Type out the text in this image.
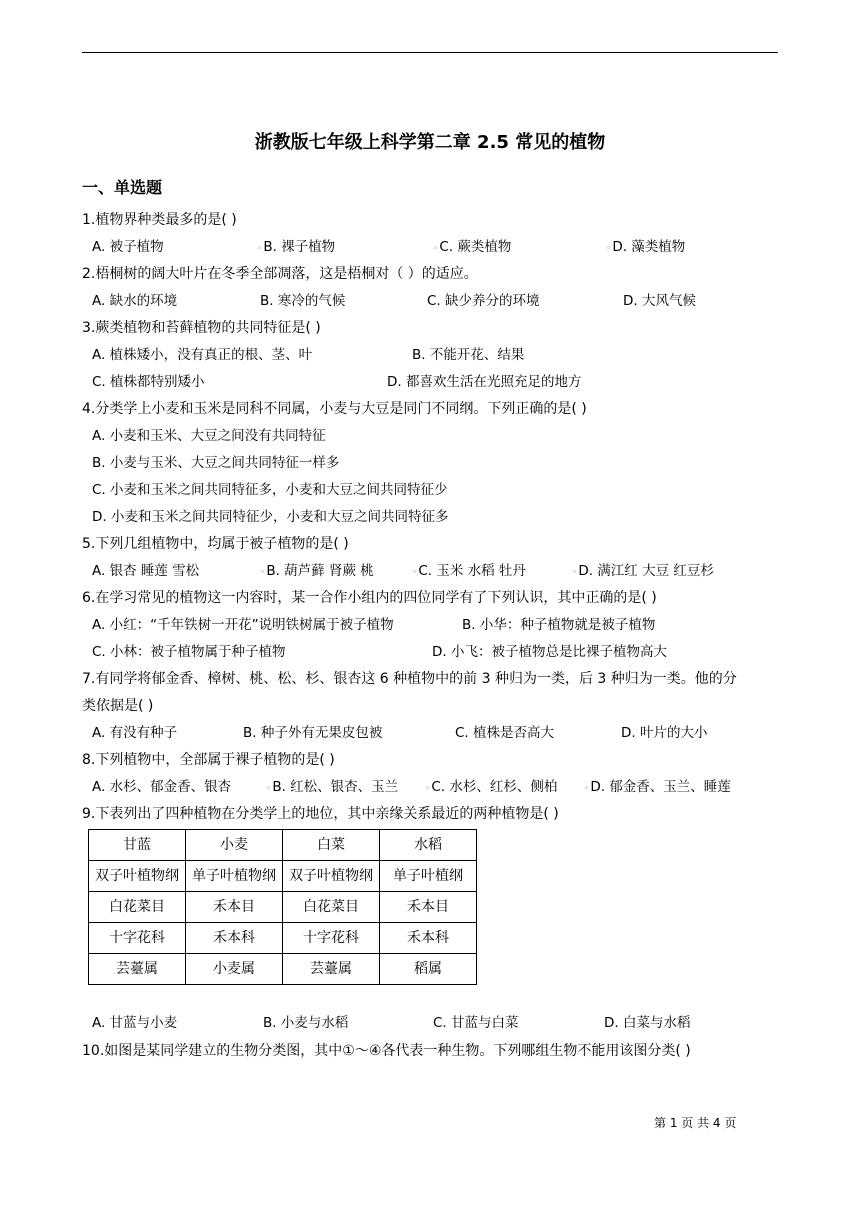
浙教版七年级上科学第二章 2.5 常见的植物
一、单选题
1.植物界种类最多的是( )
A. 被子植物	◦B. 裸子植物	◦C. 蕨类植物	◦D. 藻类植物
2.梧桐树的阔大叶片在冬季全部凋落，这是梧桐对（ ）的适应。
A. 缺水的环境	B. 寒冷的气候	C. 缺少养分的环境	D. 大风气候
3.蕨类植物和苔藓植物的共同特征是( )
A. 植株矮小，没有真正的根、茎、叶	B. 不能开花、结果
C. 植株都特别矮小	D. 都喜欢生活在光照充足的地方
4.分类学上小麦和玉米是同科不同属，小麦与大豆是同门不同纲。下列正确的是( )
A. 小麦和玉米、大豆之间没有共同特征
B. 小麦与玉米、大豆之间共同特征一样多
C. 小麦和玉米之间共同特征多，小麦和大豆之间共同特征少
D. 小麦和玉米之间共同特征少，小麦和大豆之间共同特征多
5.下列几组植物中，均属于被子植物的是( )
A. 银杏 睡莲 雪松	◦B. 葫芦藓 肾蕨 桃	◦C. 玉米 水稻 牡丹	◦D. 满江红 大豆 红豆杉
6.在学习常见的植物这一内容时，某一合作小组内的四位同学有了下列认识，其中正确的是( )
A. 小红：“千年铁树一开花”说明铁树属于被子植物	B. 小华：种子植物就是被子植物
C. 小林：被子植物属于种子植物	D. 小飞：被子植物总是比裸子植物高大
7.有同学将郁金香、樟树、桃、松、杉、银杏这 6 种植物中的前 3 种归为一类，后 3 种归为一类。他的分
类依据是( )
A. 有没有种子	B. 种子外有无果皮包被	C. 植株是否高大	D. 叶片的大小
8.下列植物中，全部属于裸子植物的是( )
A. 水杉、郁金香、银杏	◦B. 红松、银杏、玉兰	◦C. 水杉、红杉、侧柏	◦D. 郁金香、玉兰、睡莲
9.下表列出了四种植物在分类学上的地位，其中亲缘关系最近的两种植物是( )
甘蓝	小麦	白菜	水稻
双子叶植物纲	单子叶植物纲	双子叶植物纲	单子叶植纲
白花菜目	禾本目	白花菜目	禾本目
十字花科	禾本科	十字花科	禾本科
芸薹属	小麦属	芸薹属	稻属
A. 甘蓝与小麦	B. 小麦与水稻	C. 甘蓝与白菜	D. 白菜与水稻
10.如图是某同学建立的生物分类图，其中①～④各代表一种生物。下列哪组生物不能用该图分类( )
第 1 页 共 4 页
